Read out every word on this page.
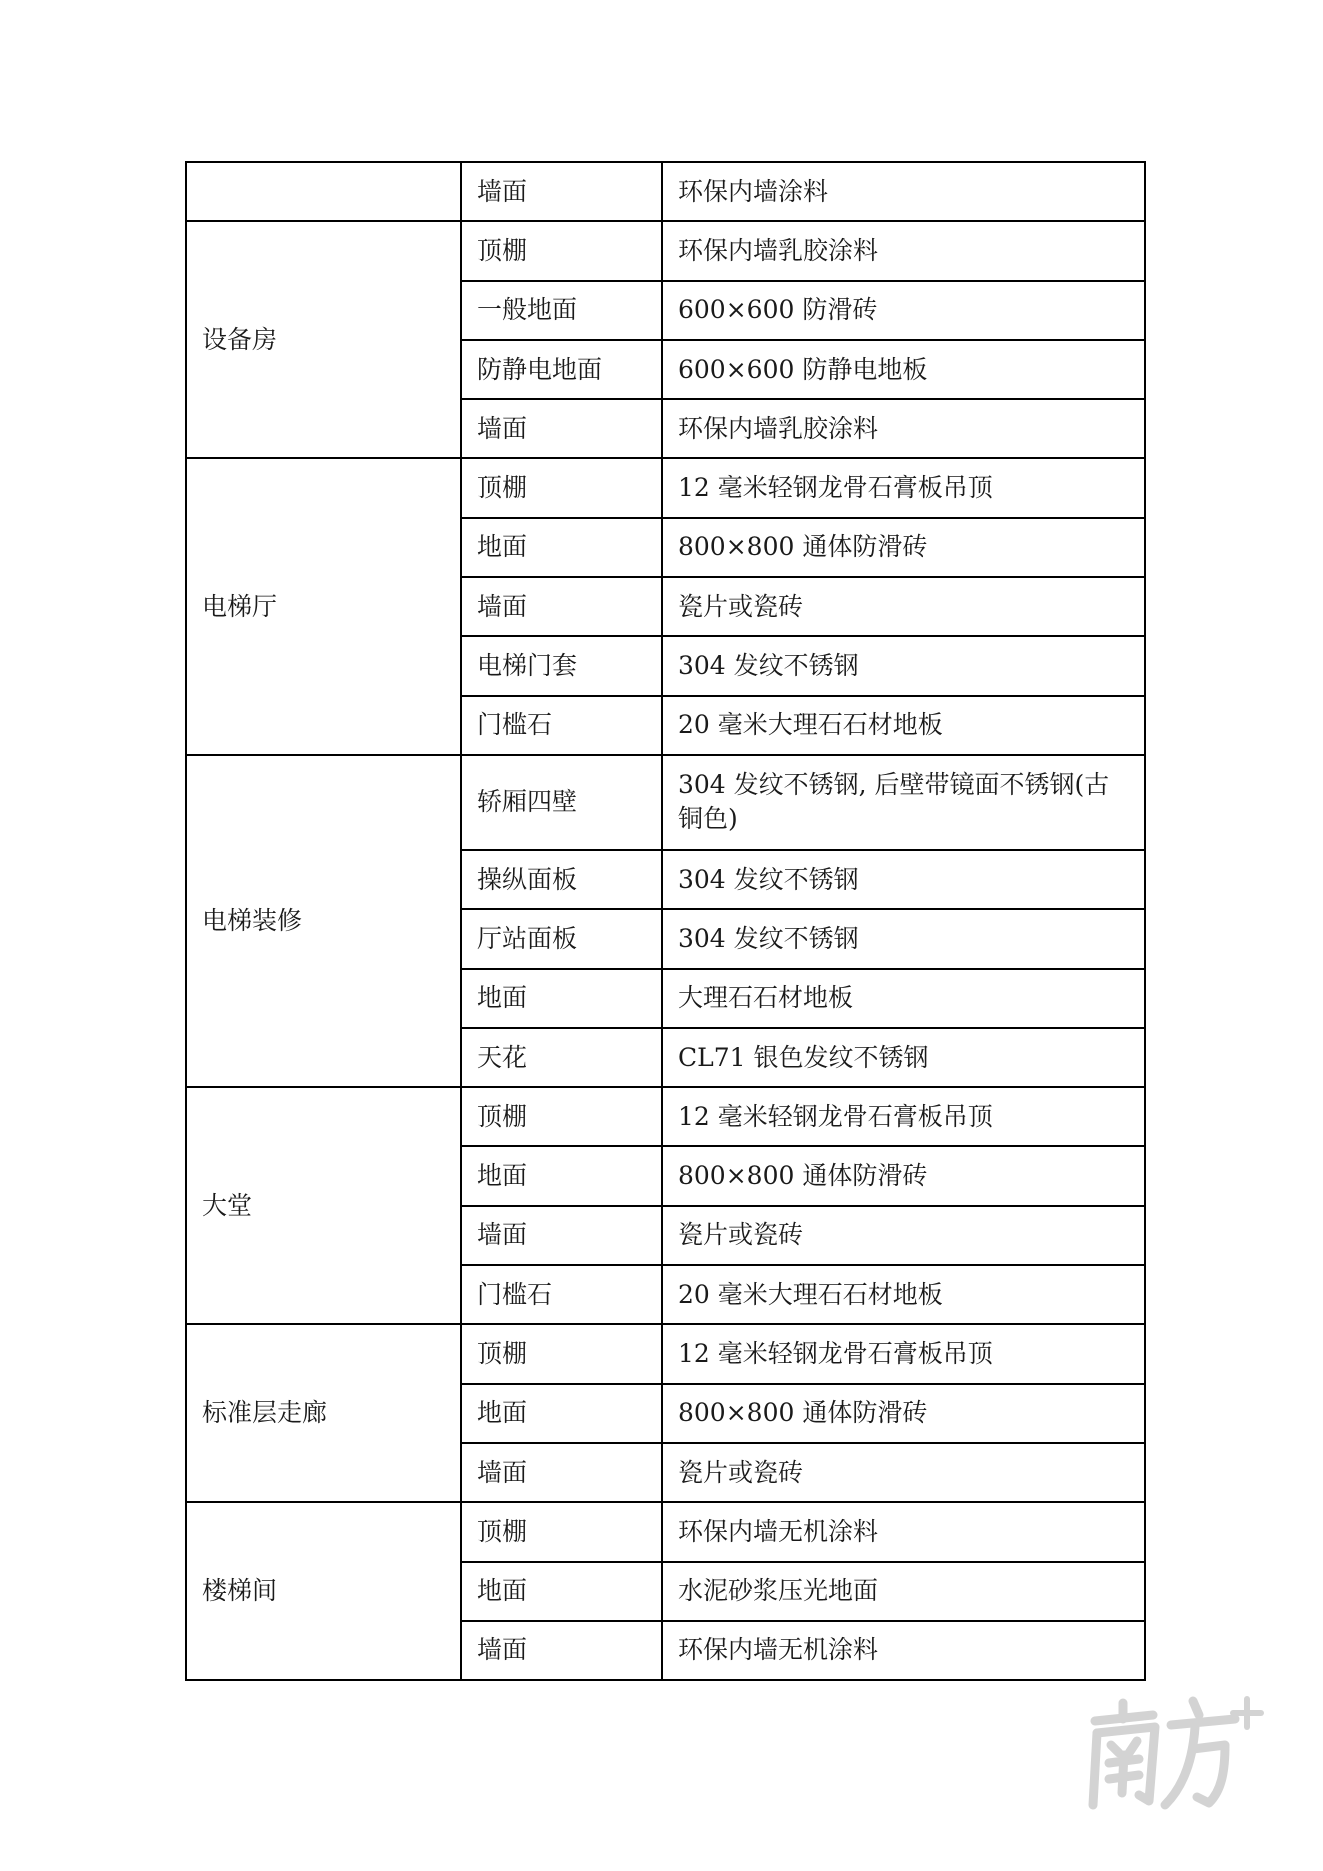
	墙面	环保内墙涂料
设备房	顶棚	环保内墙乳胶涂料
	一般地面	600×600 防滑砖
	防静电地面	600×600 防静电地板
	墙面	环保内墙乳胶涂料
电梯厅	顶棚	12 毫米轻钢龙骨石膏板吊顶
	地面	800×800 通体防滑砖
	墙面	瓷片或瓷砖
	电梯门套	304 发纹不锈钢
	门槛石	20 毫米大理石石材地板
电梯装修	轿厢四壁	304 发纹不锈钢, 后壁带镜面不锈钢(古铜色)
	操纵面板	304 发纹不锈钢
	厅站面板	304 发纹不锈钢
	地面	大理石石材地板
	天花	CL71 银色发纹不锈钢
大堂	顶棚	12 毫米轻钢龙骨石膏板吊顶
	地面	800×800 通体防滑砖
	墙面	瓷片或瓷砖
	门槛石	20 毫米大理石石材地板
标准层走廊	顶棚	12 毫米轻钢龙骨石膏板吊顶
	地面	800×800 通体防滑砖
	墙面	瓷片或瓷砖
楼梯间	顶棚	环保内墙无机涂料
	地面	水泥砂浆压光地面
	墙面	环保内墙无机涂料
